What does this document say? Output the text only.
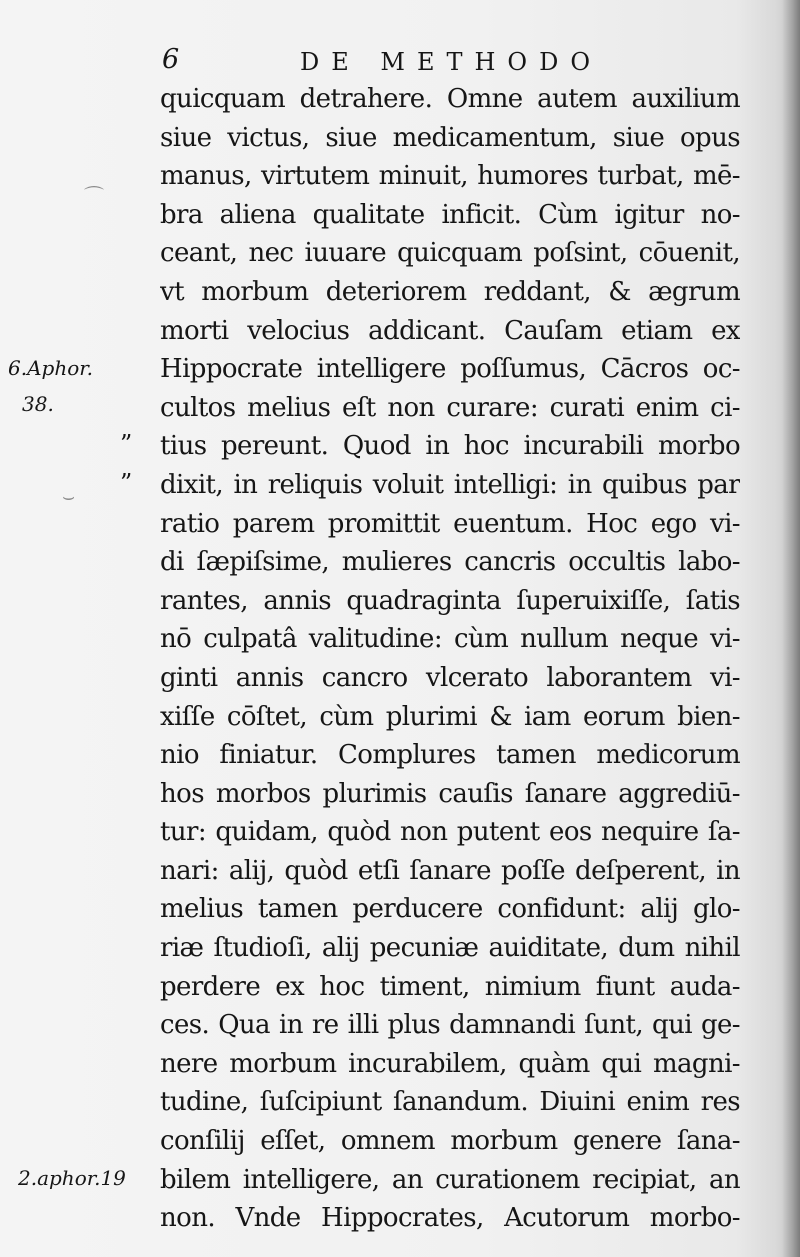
6	DE METHODO
⌒
⌣
6.Aphor.
38.
”
”
2.aphor.19
quicquam detrahere. Omne autem auxilium
siue victus, siue medicamentum, siue opus
manus, virtutem minuit, humores turbat, mē-
bra aliena qualitate inficit. Cùm igitur no-
ceant, nec iuuare quicquam poſsint, cōuenit,
vt morbum deteriorem reddant, & ægrum
morti velocius addicant. Cauſam etiam ex
Hippocrate intelligere poſſumus, Cācros oc-
cultos melius eſt non curare: curati enim ci-
tius pereunt. Quod in hoc incurabili morbo
dixit, in reliquis voluit intelligi: in quibus par
ratio parem promittit euentum. Hoc ego vi-
di ſæpiſsime, mulieres cancris occultis labo-
rantes, annis quadraginta ſuperuixiſſe, ſatis
nō culpatâ valitudine: cùm nullum neque vi-
ginti annis cancro vlcerato laborantem vi-
xiſſe cōſtet, cùm plurimi & iam eorum bien-
nio finiatur. Complures tamen medicorum
hos morbos plurimis cauſis ſanare aggrediū-
tur: quidam, quòd non putent eos nequire ſa-
nari: alij, quòd etſi ſanare poſſe deſperent, in
melius tamen perducere confidunt: alij glo-
riæ ſtudioſi, alij pecuniæ auiditate, dum nihil
perdere ex hoc timent, nimium fiunt auda-
ces. Qua in re illi plus damnandi ſunt, qui ge-
nere morbum incurabilem, quàm qui magni-
tudine, ſuſcipiunt ſanandum. Diuini enim res
conſilij eſſet, omnem morbum genere ſana-
bilem intelligere, an curationem recipiat, an
non. Vnde Hippocrates, Acutorum morbo-
